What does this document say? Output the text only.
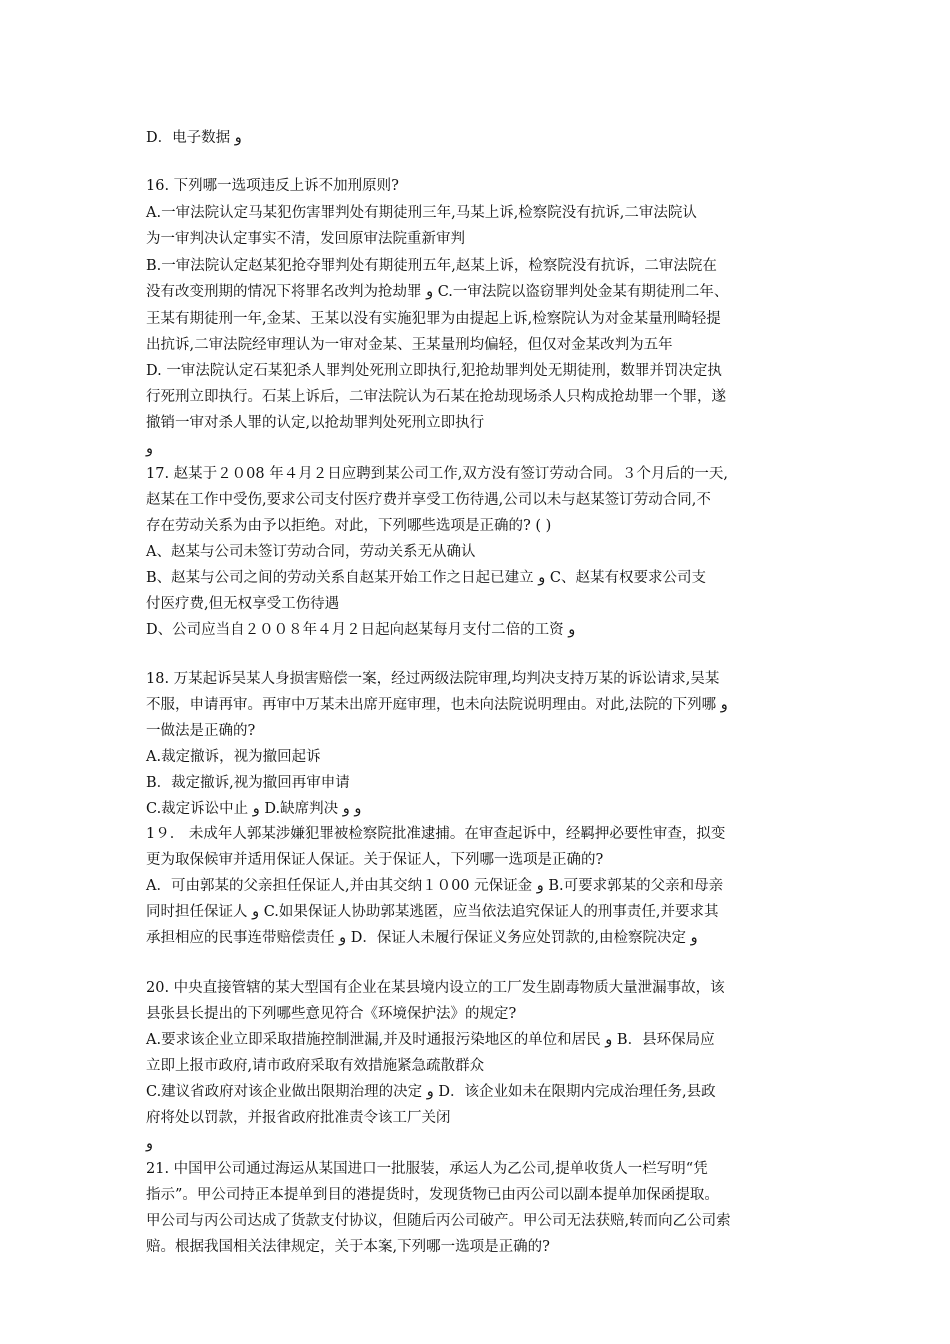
D．电子数据 و
16. 下列哪一选项违反上诉不加刑原则?
A.一审法院认定马某犯伤害罪判处有期徒刑三年,马某上诉,检察院没有抗诉,二审法院认
为一审判决认定事实不清，发回原审法院重新审判
B.一审法院认定赵某犯抢夺罪判处有期徒刑五年,赵某上诉，检察院没有抗诉，二审法院在
没有改变刑期的情况下将罪名改判为抢劫罪 و C.一审法院以盗窃罪判处金某有期徒刑二年、
王某有期徒刑一年,金某、王某以没有实施犯罪为由提起上诉,检察院认为对金某量刑畸轻提
出抗诉,二审法院经审理认为一审对金某、王某量刑均偏轻，但仅对金某改判为五年
D. 一审法院认定石某犯杀人罪判处死刑立即执行,犯抢劫罪判处无期徒刑，数罪并罚决定执
行死刑立即执行。石某上诉后，二审法院认为石某在抢劫现场杀人只构成抢劫罪一个罪，遂
撤销一审对杀人罪的认定,以抢劫罪判处死刑立即执行
و
17. 赵某于２０08 年４月２日应聘到某公司工作,双方没有签订劳动合同。３个月后的一天,
赵某在工作中受伤,要求公司支付医疗费并享受工伤待遇,公司以未与赵某签订劳动合同,不
存在劳动关系为由予以拒绝。对此，下列哪些选项是正确的? ( )
A、赵某与公司未签订劳动合同，劳动关系无从确认
B、赵某与公司之间的劳动关系自赵某开始工作之日起已建立 و C、赵某有权要求公司支
付医疗费,但无权享受工伤待遇
D、公司应当自２００８年４月２日起向赵某每月支付二倍的工资 و
18. 万某起诉吴某人身损害赔偿一案，经过两级法院审理,均判决支持万某的诉讼请求,吴某
不服，申请再审。再审中万某未出席开庭审理，也未向法院说明理由。对此,法院的下列哪 و
一做法是正确的?
A.裁定撤诉，视为撤回起诉
B．裁定撤诉,视为撤回再审申请
C.裁定诉讼中止 و D.缺席判决 و و
1９． 未成年人郭某涉嫌犯罪被检察院批准逮捕。在审查起诉中，经羁押必要性审查，拟变
更为取保候审并适用保证人保证。关于保证人，下列哪一选项是正确的?
A．可由郭某的父亲担任保证人,并由其交纳１０00 元保证金 و B.可要求郭某的父亲和母亲
同时担任保证人 و C.如果保证人协助郭某逃匿，应当依法追究保证人的刑事责任,并要求其
承担相应的民事连带赔偿责任 و D．保证人未履行保证义务应处罚款的,由检察院决定 و
20. 中央直接管辖的某大型国有企业在某县境内设立的工厂发生剧毒物质大量泄漏事故，该
县张县长提出的下列哪些意见符合《环境保护法》的规定?
A.要求该企业立即采取措施控制泄漏,并及时通报污染地区的单位和居民 و B．县环保局应
立即上报市政府,请市政府采取有效措施紧急疏散群众
C.建议省政府对该企业做出限期治理的决定 و D．该企业如未在限期内完成治理任务,县政
府将处以罚款，并报省政府批准责令该工厂关闭
و
21. 中国甲公司通过海运从某国进口一批服装，承运人为乙公司,提单收货人一栏写明“凭
指示”。甲公司持正本提单到目的港提货时，发现货物已由丙公司以副本提单加保函提取。
甲公司与丙公司达成了货款支付协议，但随后丙公司破产。甲公司无法获赔,转而向乙公司索
赔。根据我国相关法律规定，关于本案,下列哪一选项是正确的?
